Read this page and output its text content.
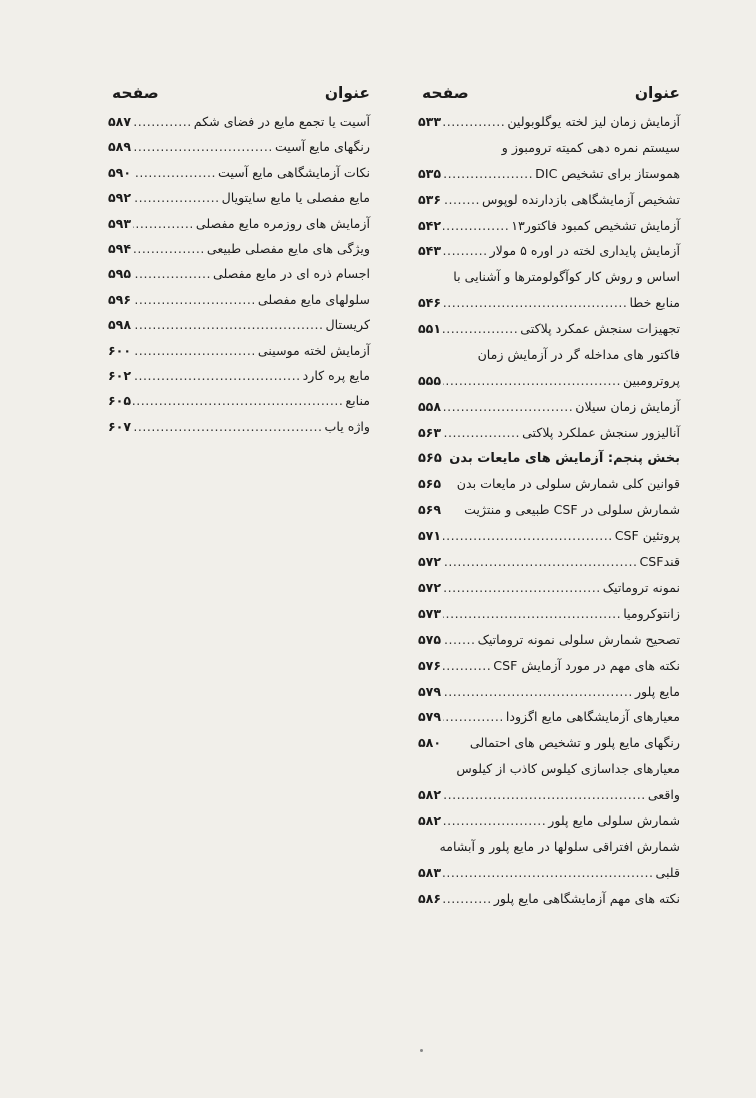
عنوان
صفحه
آزمایش زمان لیز لخته یوگلوبولین
.....
۵۳۳
سیستم نمره دهی کمیته ترومبوز و
هموستاز برای تشخیص DIC
.....
۵۳۵
تشخیص آزمایشگاهی بازدارنده لوپوس
.....
۵۳۶
آزمایش تشخیص کمبود فاکتور۱۳
.....
۵۴۲
آزمایش پایداری لخته در اوره ۵ مولار
.....
۵۴۳
اساس و روش کار کوآگولومترها و آشنایی با
منابع خطا
.....
۵۴۶
تجهیزات سنجش عمکرد پلاکتی
.....
۵۵۱
فاکتور های مداخله گر در آزمایش زمان
پروترومبین
.....
۵۵۵
آزمایش زمان سیلان
.....
۵۵۸
آنالیزور سنجش عملکرد پلاکتی
.....
۵۶۳
بخش پنجم: آزمایش های مایعات بدن
۵۶۵
قوانین کلی شمارش سلولی در مایعات بدن
۵۶۵
شمارش سلولی در CSF طبیعی و منتژیت
۵۶۹
پروتئین CSF
.....
۵۷۱
قندCSF
.....
۵۷۲
نمونه تروماتیک
.....
۵۷۲
زانتوکرومیا
.....
۵۷۳
تصحیح شمارش سلولی نمونه تروماتیک
.....
۵۷۵
نکته های مهم در مورد آزمایش CSF
.....
۵۷۶
مایع پلور
.....
۵۷۹
معیارهای آزمایشگاهی مایع اگزودا
.....
۵۷۹
رنگهای مایع پلور و تشخیص های احتمالی
۵۸۰
معیارهای جداسازی کیلوس کاذب از کیلوس
واقعی
.....
۵۸۲
شمارش سلولی مایع پلور
.....
۵۸۲
شمارش افتراقی سلولها در مایع پلور و آبشامه
قلبی
.....
۵۸۳
نکته های مهم آزمایشگاهی مایع پلور
.....
۵۸۶
عنوان
صفحه
آسیت یا تجمع مایع در فضای شکم
.....
۵۸۷
رنگهای مایع آسیت
.....
۵۸۹
نکات آزمایشگاهی مایع آسیت
.....
۵۹۰
مایع مفصلی یا مایع سایتویال
.....
۵۹۲
آزمایش های روزمره مایع مفصلی
.....
۵۹۳
ویژگی های مایع مفصلی طبیعی
.....
۵۹۴
اجسام ذره ای در مایع مفصلی
.....
۵۹۵
سلولهای مایع مفصلی
.....
۵۹۶
کریستال
.....
۵۹۸
آزمایش لخته موسینی
.....
۶۰۰
مایع پره کارد
.....
۶۰۲
منابع
.....
۶۰۵
واژه یاب
.....
۶۰۷
